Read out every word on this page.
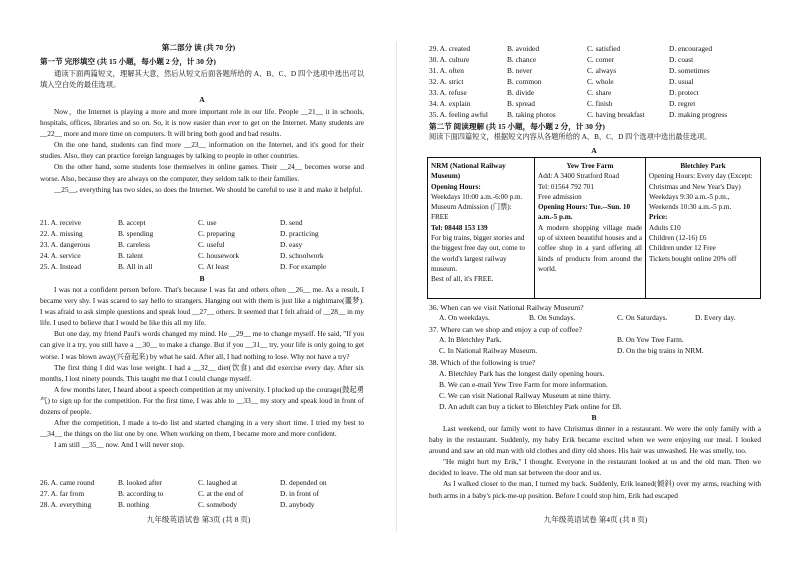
第二部分 读 (共 70 分)
第一节 完形填空 (共 15 小题，每小题 2 分，计 30 分)

通读下面两篇短文，理解其大意，然后从短文后面各题所给的 A、B、C、D 四个选项中选出可以填入空白处的最佳选项。

A

Now，the Internet is playing a more and more important role in our life. People __21__ it in schools, hospitals, offices, libraries and so on. So, it is now easier than ever to get on the Internet. Many students are __22__ more and more time on computers. It will bring both good and bad results.

On the one hand, students can find more __23__ information on the Internet, and it's good for their studies. Also, they can practice foreign languages by talking to people in other countries.

On the other hand, some students lose themselves in online games. Their __24__ becomes worse and worse. Also, because they are always on the computer, they seldom talk to their families.

__25__, everything has two sides, so does the Internet. We should be careful to use it and make it helpful.

21. A. receive	B. accept	C. use	D. send
22. A. missing	B. spending	C. preparing	D. practicing
23. A. dangerous	B. careless	C. useful	D. easy
24. A. service	B. talent	C. housework	D. schoolwork
25. A. Instead	B. All in all	C. At least	D. For example
B

I was not a confident person before. That's because I was fat and others often __26__ me. As a result, I became very shy. I was scared to say hello to strangers. Hanging out with them is just like a nightmare(噩梦). I was afraid to ask simple questions and speak loud __27__ others. It seemed that I felt afraid of __28__ in my life. I used to believe that I would be like this all my life.

But one day, my friend Paul's words changed my mind. He __29__ me to change myself. He said, "If you can give it a try, you still have a __30__ to make a change. But if you __31__ try, your life is only going to get worse. I was blown away(兴奋起来) by what he said. After all, I had nothing to lose. Why not have a try?

The first thing I did was lose weight. I had a __32__ diet(饮食) and did exercise every day. After six months, I lost ninety pounds. This taught me that I could change myself.

A few months later, I heard about a speech competition at my university. I plucked up the courage(鼓起勇气) to sign up for the competition. For the first time, I was able to __33__ my story and speak loud in front of dozens of people.

After the competition, I made a to-do list and started changing in a very short time. I tried my best to __34__ the things on the list one by one. When working on them, I became more and more confident.

I am still __35__ now. And I will never stop.

26. A. came round	B. looked after	C. laughed at	D. depended on
27. A. far from	B. according to	C. at the end of	D. in front of
28. A. everything	B. nothing	C. somebody	D. anybody
九年级英语试卷 第3页 (共 8 页)
29. A. created	B. avoided	C. satisfied	D. encouraged
30. A. culture	B. chance	C. comer	D. coast
31. A. often	B. never	C. always	D. sometimes
32. A. strict	B. common	C. whole	D. usual
33. A. refuse	B. divide	C. share	D. protect
34. A. explain	B. spread	C. finish	D. regret
35. A. feeling awful	B. taking photos	C. having breakfast	D. making progress
第二节 阅读理解 (共 15 小题，每小题 2 分，计 30 分)
阅读下面四篇短文，根据短文内容从各题所给的 A、B、C、D 四个选项中选出最佳选项。
A
NRM (National Railway Museum)
Opening Hours:
Weekdays 10:00 a.m.-6:00 p.m.
Museum Admission (门票): FREE
Tel: 08448 153 139
For big trains, bigger stories and the biggest free day out, come to the world's largest railway museum.
Best of all, it's FREE.
Yew Tree Farm
Add: A 3400 Stratford Road
Tel: 01564 792 701
Free admission
Opening Hours: Tue.--Sun. 10 a.m.-5 p.m.
A modern shopping village made up of sixteen beautiful houses and a coffee shop in a yard offering all kinds of products from around the world.
Bletchley Park
Opening Hours: Every day (Except: Christmas and New Year's Day)
Weekdays 9:30 a.m.-5 p.m., Weekends 10:30 a.m.-5 p.m.
Price:
Adults £10
Children (12-16) £6
Children under 12 Free
Tickets bought online 20% off
36. When can we visit National Railway Museum?
A. On weekdays.	B. On Sundays.	C. On Saturdays.	D. Every day.
37. Where can we shop and enjoy a cup of coffee?
A. In Bletchley Park.	B. On Yew Tree Farm.
C. In National Railway Museum.	D. On the big trains in NRM.
38. Which of the following is true?
A. Bletchley Park has the longest daily opening hours.
B. We can e-mail Yew Tree Farm for more information.
C. We can visit National Railway Museum at nine thirty.
D. An adult can buy a ticket to Bletchley Park online for £8.
B

Last weekend, our family went to have Christmas dinner in a restaurant. We were the only family with a baby in the restaurant. Suddenly, my baby Erik became excited when we were enjoying our meal. I looked around and saw an old man with old clothes and dirty old shoes. His hair was unwashed. He was smelly, too.

"He might hurt my Erik," I thought. Everyone in the restaurant looked at us and the old man. Then we decided to leave. The old man sat between the door and us.

As I walked closer to the man, I turned my back. Suddenly, Erik leaned(倾斜) over my arms, reaching with both arms in a baby's pick-me-up position. Before I could stop him, Erik had escaped

九年级英语试卷 第4页 (共 8 页)
